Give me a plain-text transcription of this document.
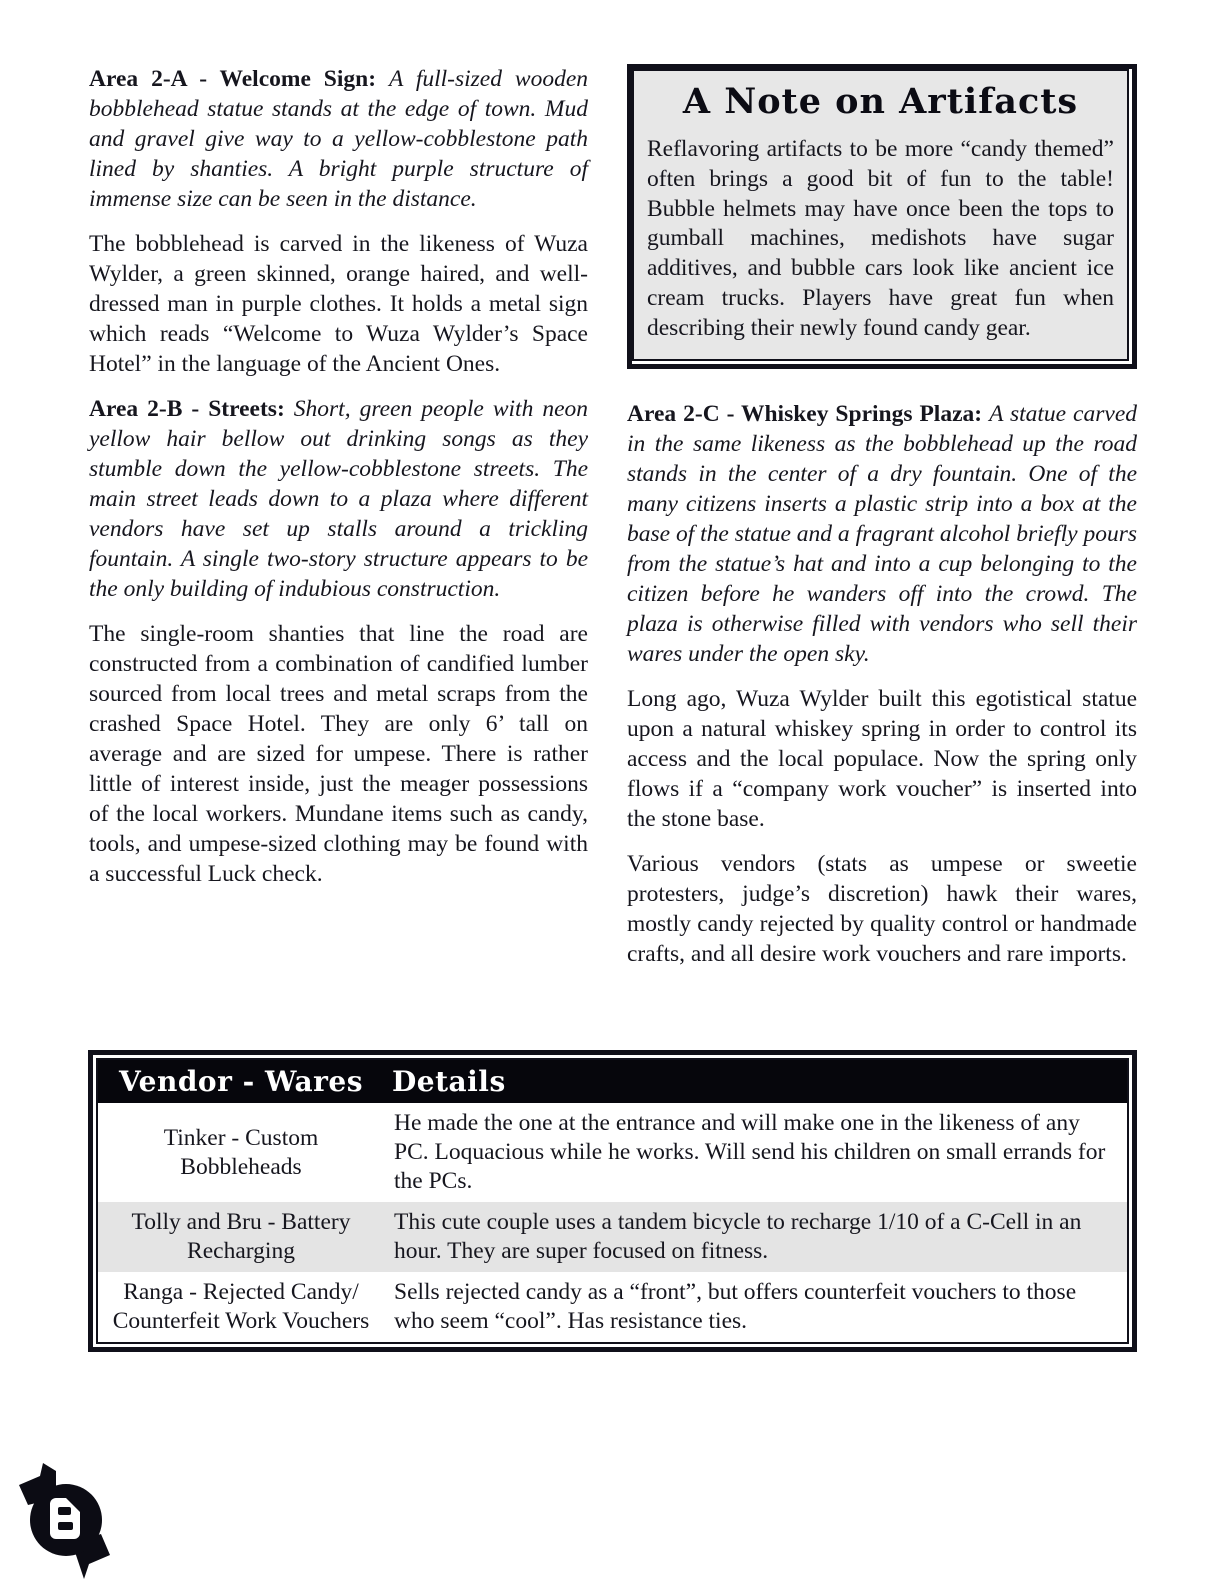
Area 2-A - Welcome Sign: A full-sized wooden bobblehead statue stands at the edge of town. Mud and gravel give way to a yellow-cobblestone path lined by shanties. A bright purple structure of immense size can be seen in the distance.

The bobblehead is carved in the likeness of Wuza Wylder, a green skinned, orange haired, and well-dressed man in purple clothes. It holds a metal sign which reads “Welcome to Wuza Wylder’s Space Hotel” in the language of the Ancient Ones.

Area 2-B - Streets: Short, green people with neon yellow hair bellow out drinking songs as they stumble down the yellow-cobblestone streets. The main street leads down to a plaza where different vendors have set up stalls around a trickling fountain. A single two-story structure appears to be the only building of indubious construction.

The single-room shanties that line the road are constructed from a combination of candified lumber sourced from local trees and metal scraps from the crashed Space Hotel. They are only 6’ tall on average and are sized for umpese. There is rather little of interest inside, just the meager possessions of the local workers. Mundane items such as candy, tools, and umpese-sized clothing may be found with a successful Luck check.

A Note on Artifacts

Reflavoring artifacts to be more “candy themed” often brings a good bit of fun to the table! Bubble helmets may have once been the tops to gumball machines, medishots have sugar additives, and bubble cars look like ancient ice cream trucks. Players have great fun when describing their newly found candy gear.

Area 2-C - Whiskey Springs Plaza: A statue carved in the same likeness as the bobblehead up the road stands in the center of a dry fountain. One of the many citizens inserts a plastic strip into a box at the base of the statue and a fragrant alcohol briefly pours from the statue’s hat and into a cup belonging to the citizen before he wanders off into the crowd. The plaza is otherwise filled with vendors who sell their wares under the open sky.

Long ago, Wuza Wylder built this egotistical statue upon a natural whiskey spring in order to control its access and the local populace. Now the spring only flows if a “company work voucher” is inserted into the stone base.

Various vendors (stats as umpese or sweetie protesters, judge’s discretion) hawk their wares, mostly candy rejected by quality control or handmade crafts, and all desire work vouchers and rare imports.

Vendor - Wares	Details
Tinker - Custom Bobbleheads	He made the one at the entrance and will make one in the likeness of any PC. Loquacious while he works. Will send his children on small errands for the PCs.
Tolly and Bru - Battery Recharging	This cute couple uses a tandem bicycle to recharge 1/10 of a C-Cell in an hour. They are super focused on fitness.
Ranga - Rejected Candy/ Counterfeit Work Vouchers	Sells rejected candy as a “front”, but offers counterfeit vouchers to those who seem “cool”. Has resistance ties.
